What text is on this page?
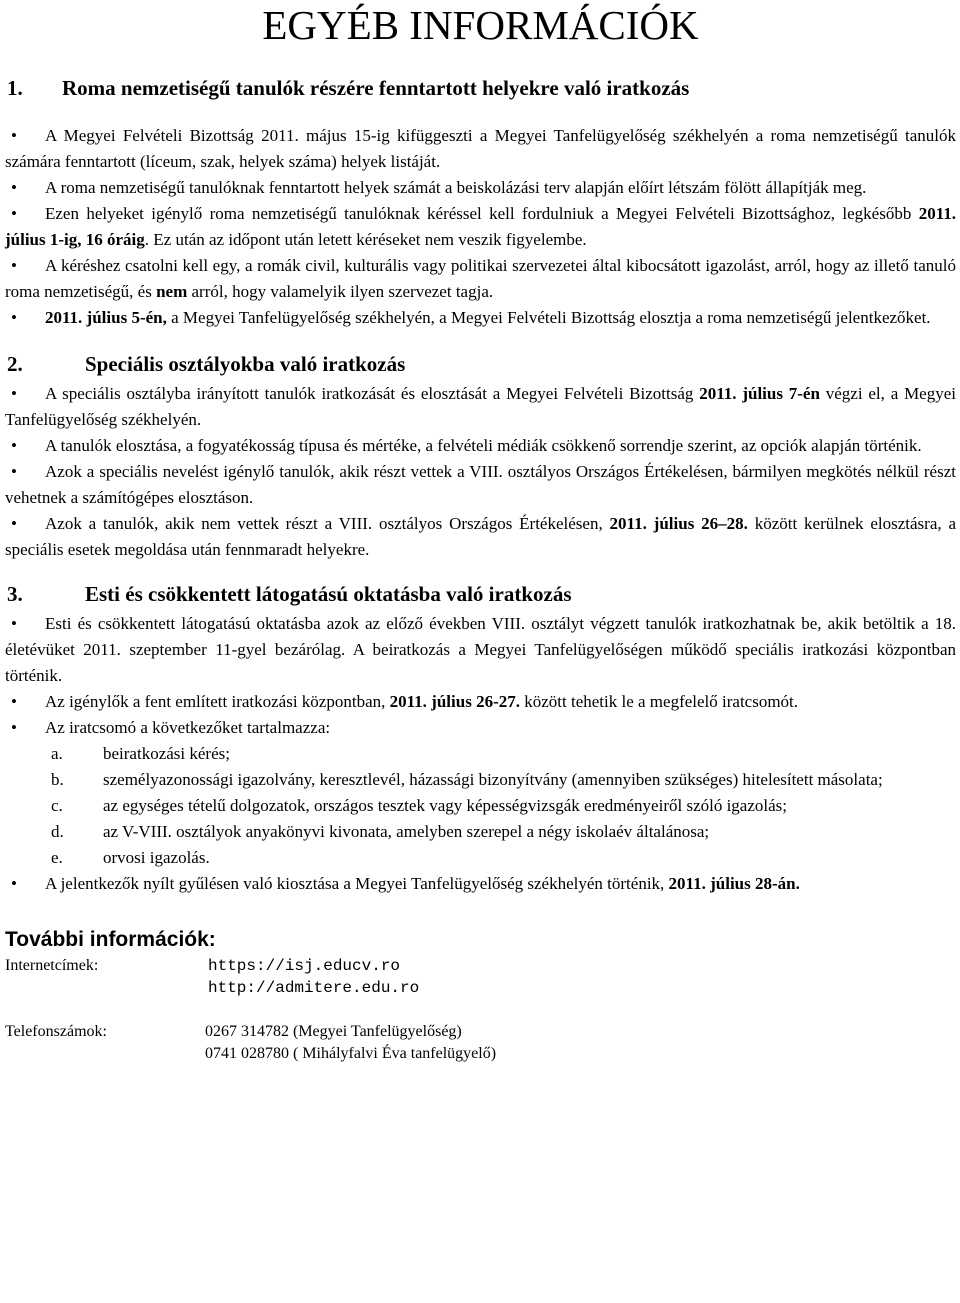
EGYÉB INFORMÁCIÓK
1.	Roma nemzetiségű tanulók részére fenntartott helyekre való iratkozás

•A Megyei Felvételi Bizottság 2011. május 15-ig kifüggeszti a Megyei Tanfelügyelőség székhelyén a roma nemzetiségű tanulók számára fenntartott (líceum, szak, helyek száma) helyek listáját.

•A roma nemzetiségű tanulóknak fenntartott helyek számát a beiskolázási terv alapján előírt létszám fölött állapítják meg.

•Ezen helyeket igénylő roma nemzetiségű tanulóknak kéréssel kell fordulniuk a Megyei Felvételi Bizottsághoz, legkésőbb 2011. július 1-ig, 16 óráig. Ez után az időpont után letett kéréseket nem veszik figyelembe.

•A kéréshez csatolni kell egy, a romák civil, kulturális vagy politikai szervezetei által kibocsátott igazolást, arról, hogy az illető tanuló roma nemzetiségű, és nem arról, hogy valamelyik ilyen szervezet tagja.

•2011. július 5-én, a Megyei Tanfelügyelőség székhelyén, a Megyei Felvételi Bizottság elosztja a roma nemzetiségű jelentkezőket.

2.	Speciális osztályokba való iratkozás

•A speciális osztályba irányított tanulók iratkozását és elosztását a Megyei Felvételi Bizottság 2011. július 7-én végzi el, a Megyei Tanfelügyelőség székhelyén.

•A tanulók elosztása, a fogyatékosság típusa és mértéke, a felvételi médiák csökkenő sorrendje szerint, az opciók alapján történik.

•Azok a speciális nevelést igénylő tanulók, akik részt vettek a VIII. osztályos Országos Értékelésen, bármilyen megkötés nélkül részt vehetnek a számítógépes elosztáson.

•Azok a tanulók, akik nem vettek részt a VIII. osztályos Országos Értékelésen, 2011. július 26–28. között kerülnek elosztásra, a speciális esetek megoldása után fennmaradt helyekre.

3.	Esti és csökkentett látogatású oktatásba való iratkozás

•Esti és csökkentett látogatású oktatásba azok az előző években VIII. osztályt végzett tanulók iratkozhatnak be, akik betöltik a 18. életévüket 2011. szeptember 11-gyel bezárólag. A beiratkozás a Megyei Tanfelügyelőségen működő speciális iratkozási központban történik.

•Az igénylők a fent említett iratkozási központban, 2011. július 26-27. között tehetik le a megfelelő iratcsomót.

•Az iratcsomó a következőket tartalmazza:

a.	beiratkozási kérés;
b.	személyazonossági igazolvány, keresztlevél, házassági bizonyítvány (amennyiben szükséges) hitelesített másolata;
c.	az egységes tételű dolgozatok, országos tesztek vagy képességvizsgák eredményeiről szóló igazolás;
d.	az V-VIII. osztályok anyakönyvi kivonata, amelyben szerepel a négy iskolaév általánosa;
e.	orvosi igazolás.

•A jelentkezők nyílt gyűlésen való kiosztása a Megyei Tanfelügyelőség székhelyén történik, 2011. július 28-án.

További információk:
Internetcímek:	https://isj.educv.ro
http://admitere.edu.ro
Telefonszámok:	0267 314782 (Megyei Tanfelügyelőség)
0741 028780 ( Mihályfalvi Éva tanfelügyelő)
